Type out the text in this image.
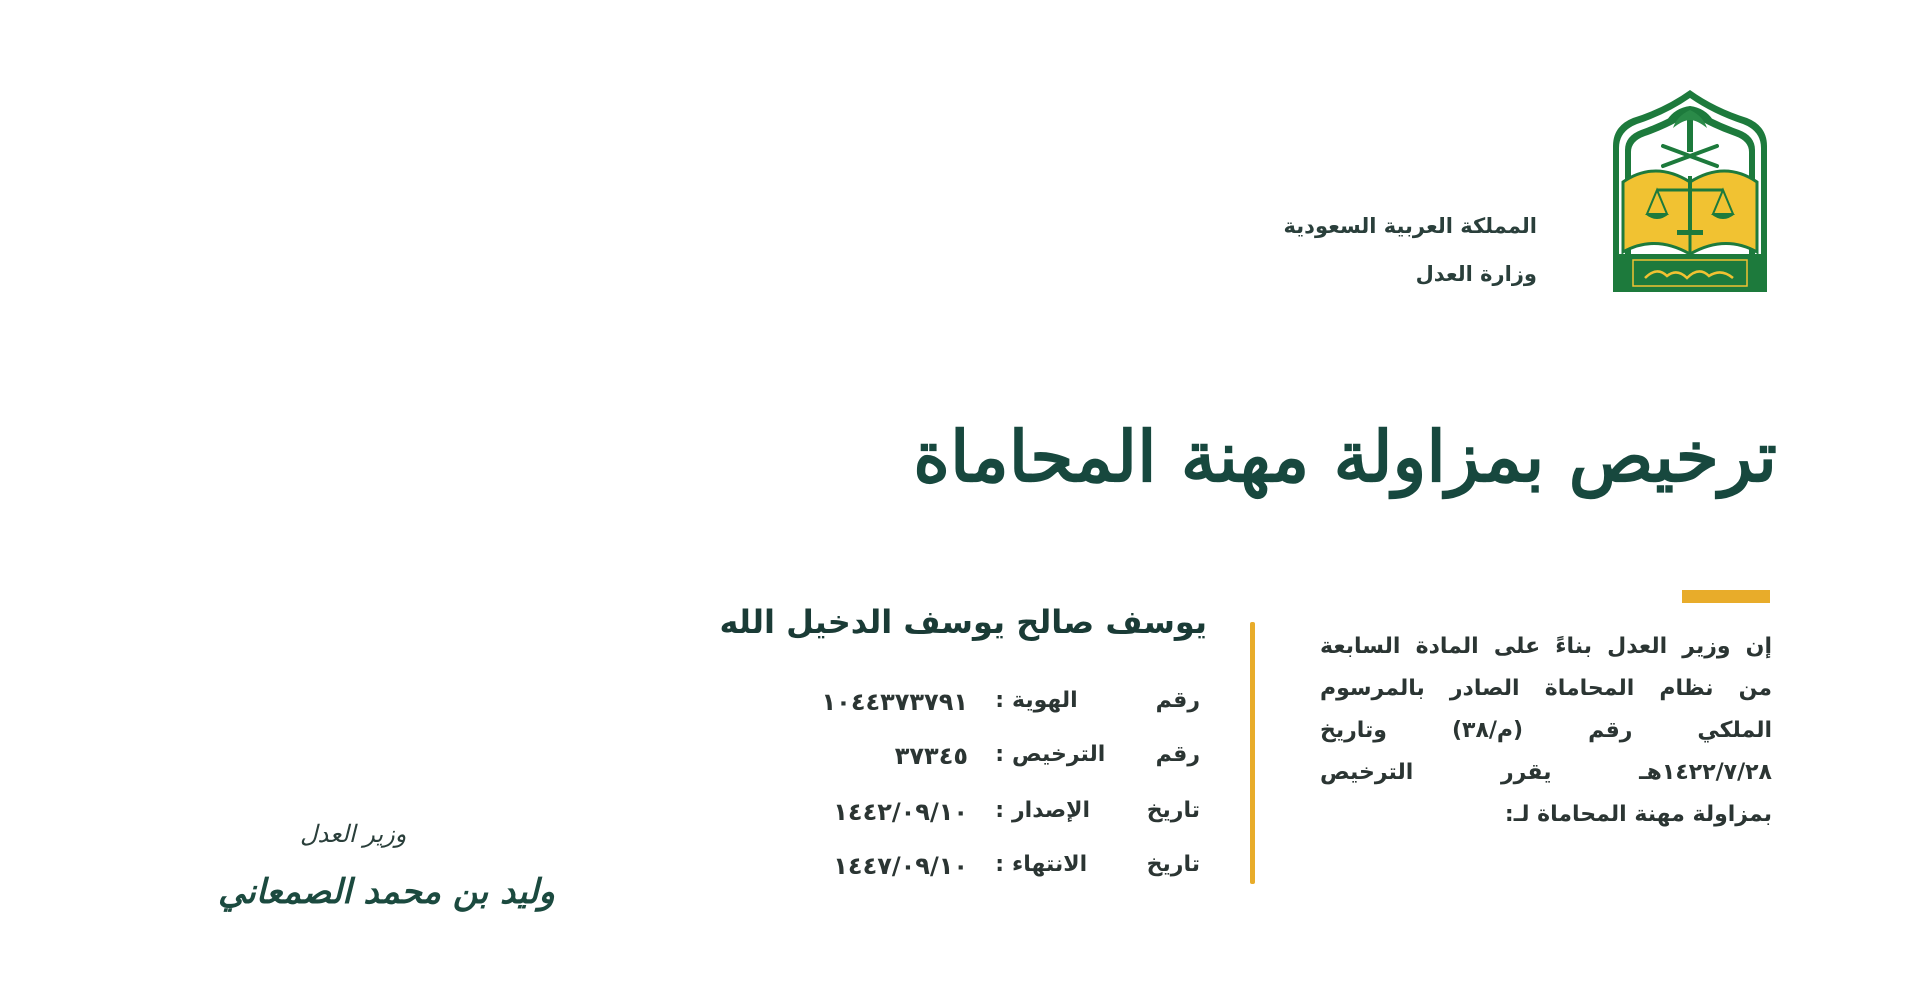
المملكة العربية السعودية
وزارة العدل
ترخيص بمزاولة مهنة المحاماة
إن وزير العدل بناءً على المادة السابعة
من نظام المحاماة الصادر بالمرسوم
الملكي رقم (م/٣٨) وتاريخ
١٤٢٢/٧/٢٨هـ يقرر الترخيص
بمزاولة مهنة المحاماة لـ:
يوسف صالح يوسف الدخيل الله
رقم الهوية
:
١٠٤٤٣٧٣٧٩١
رقم الترخيص
:
٣٧٣٤٥
تاريخ الإصدار
:
١٤٤٢/٠٩/١٠
تاريخ الانتهاء
:
١٤٤٧/٠٩/١٠
وزير العدل
وليد بن محمد الصمعاني
